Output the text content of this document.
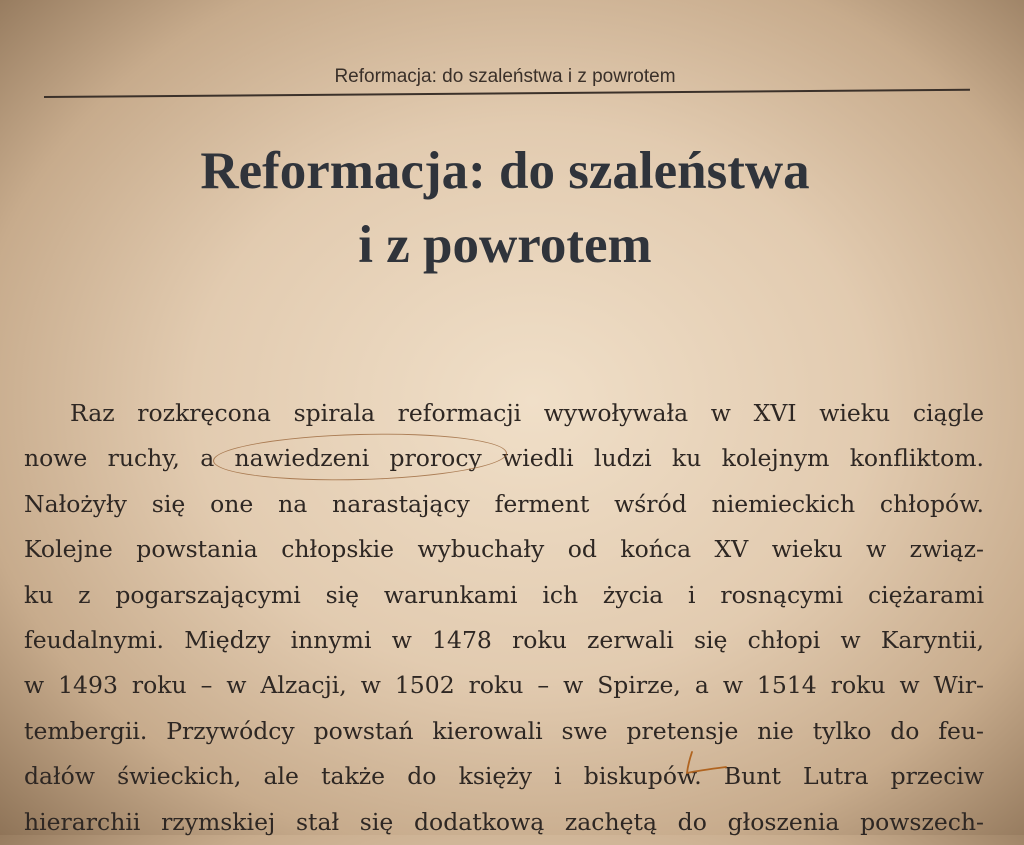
Reformacja: do szaleństwa i z powrotem
Reformacja: do szaleństwa
i z powrotem
Raz rozkręcona spirala reformacji wywoływała w XVI wieku ciągle
nowe ruchy, a nawiedzeni prorocy wiedli ludzi ku kolejnym konfliktom.
Nałożyły się one na narastający ferment wśród niemieckich chłopów.
Kolejne powstania chłopskie wybuchały od końca XV wieku w związ-
ku z pogarszającymi się warunkami ich życia i rosnącymi ciężarami
feudalnymi. Między innymi w 1478 roku zerwali się chłopi w Karyntii,
w 1493 roku – w Alzacji, w 1502 roku – w Spirze, a w 1514 roku w Wir-
tembergii. Przywódcy powstań kierowali swe pretensje nie tylko do feu-
dałów świeckich, ale także do księży i biskupów. Bunt Lutra przeciw
hierarchii rzymskiej stał się dodatkową zachętą do głoszenia powszech-
